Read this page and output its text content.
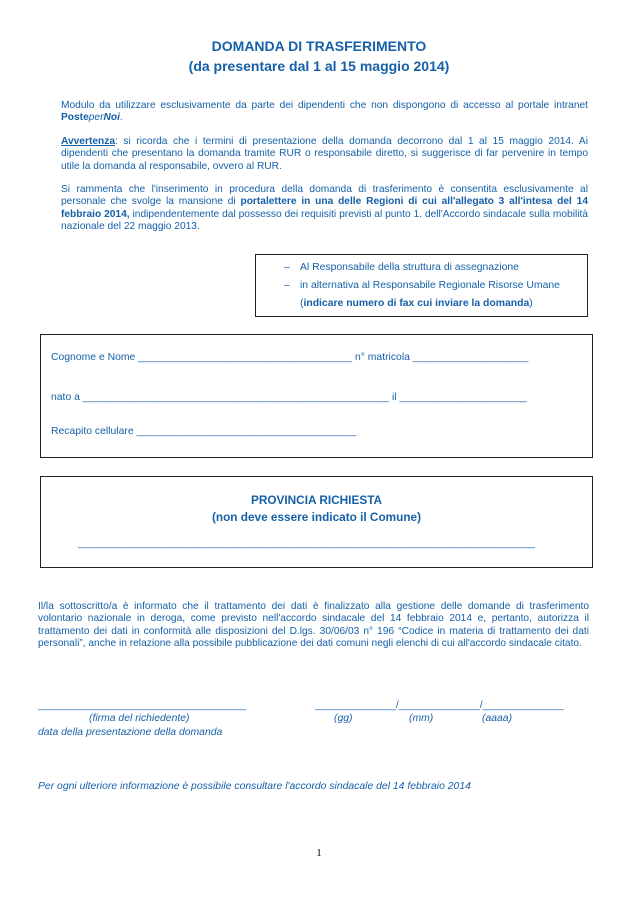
DOMANDA DI TRASFERIMENTO
(da presentare dal 1 al 15 maggio 2014)
Modulo da utilizzare esclusivamente da parte dei dipendenti che non dispongono di accesso al portale intranet PosteperNoi.
Avvertenza: si ricorda che i termini di presentazione della domanda decorrono dal 1 al 15 maggio 2014. Ai dipendenti che presentano la domanda tramite RUR o responsabile diretto, si suggerisce di far pervenire in tempo utile la domanda al responsabile, ovvero al RUR.
Si rammenta che l'inserimento in procedura della domanda di trasferimento è consentita esclusivamente al personale che svolge la mansione di portalettere in una delle Regioni di cui all'allegato 3 all'intesa del 14 febbraio 2014, indipendentemente dal possesso dei requisiti previsti al punto 1. dell'Accordo sindacale sulla mobilità nazionale del 22 maggio 2013.
– Al Responsabile della struttura di assegnazione
– in alternativa al Responsabile Regionale Risorse Umane
(indicare numero di fax cui inviare la domanda)
Cognome e Nome _____________________________________ n° matricola ____________________
nato a _____________________________________________________ il ______________________
Recapito cellulare ______________________________________
PROVINCIA RICHIESTA
(non deve essere indicato il Comune)
______________________________________________________________________________
Il/la sottoscritto/a è informato che il trattamento dei dati è finalizzato alla gestione delle domande di trasferimento volontario nazionale in deroga, come previsto nell'accordo sindacale del 14 febbraio 2014 e, pertanto, autorizza il trattamento dei dati in conformità alle disposizioni del D.lgs. 30/06/03 n° 196 “Codice in materia di trattamento dei dati personali”, anche in relazione alla possibile pubblicazione dei dati comuni negli elenchi di cui all'accordo sindacale citato.
____________________________________	______________/______________/______________
(firma del richiedente)	(gg)	(mm)	(aaaa)
data della presentazione della domanda
Per ogni ulteriore informazione è possibile consultare l'accordo sindacale del 14 febbraio 2014
1
